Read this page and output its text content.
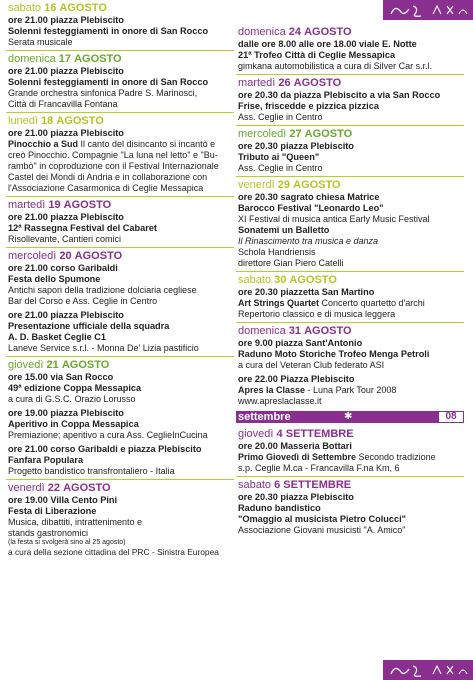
sabato 16 AGOSTO
ore 21.00 piazza Plebiscito
Solenni festeggiamenti in onore di San Rocco
Serata musicale
domenica 17 AGOSTO
ore 21.00 piazza Plebiscito
Solenni festeggiamenti in onore di San Rocco
Grande orchestra sinfonica Padre S. Marinosci,
Città di Francavilla Fontana
lunedì 18 AGOSTO
ore 21.00 piazza Plebiscito
Pinocchio a Sud Il canto del disincanto si incantò e
creò Pinocchio. Compagnie "La luna nel letto" e "Bu-
rambò" in coproduzione con il Festival Internazionale
Castel dei Mondi di Andria e in collaborazione con
l'Associazione Casarmonica di Ceglie Messapica
martedì 19 AGOSTO
ore 21.00 piazza Plebiscito
12ª Rassegna Festival del Cabaret
Risollevante, Cantieri comici
mercoledì 20 AGOSTO
ore 21.00 corso Garibaldi
Festa dello Spumone
Antichi sapori della tradizione dolciaria cegliese
Bar del Corso e Ass. Ceglie in Centro
ore 21.00 piazza Plebiscito
Presentazione ufficiale della squadra
A. D. Basket Ceglie C1
Laneve Service s.r.l. - Monna De' Lizia pastificio
giovedì 21 AGOSTO
ore 15.00 via San Rocco
49ª edizione Coppa Messapica
a cura di G.S.C. Orazio Lorusso
ore 19.00 piazza Plebiscito
Aperitivo in Coppa Messapica
Premiazione; aperitivo a cura Ass. CeglieInCucina
ore 21.00 corso Garibaldi e piazza Plebiscito
Fanfara Populara
Progetto bandistico transfrontaliero - Italia
venerdì 22 AGOSTO
ore 19.00 Villa Cento Pini
Festa di Liberazione
Musica, dibattiti, intrattenimento e
stands gastronomici
(la festa si svolgerà sino al 25 agosto)
a cura della sezione cittadina del PRC - Sinistra Europea
domenica 24 AGOSTO
dalle ore 8.00 alle ore 18.00 viale E. Notte
21ª Trofeo Città di Ceglie Messapica
gimkana automobilistica a cura di Silver Car s.r.l.
martedì 26 AGOSTO
ore 20.30 da piazza Plebiscito a via San Rocco
Frise, friscedde e pizzica pizzica
Ass. Ceglie in Centro
mercoledì 27 AGOSTO
ore 20.30 piazza Plebiscito
Tributo ai "Queen"
Ass. Ceglie in Centro
venerdì 29 AGOSTO
ore 20.30 sagrato chiesa Matrice
Barocco Festival "Leonardo Leo"
XI Festival di musica antica Early Music Festival
Sonatemi un Balletto
Il Rinascimento tra musica e danza
Schola Handriensis
direttore Gian Piero Catelli
sabato 30 AGOSTO
ore 20.30 piazzetta San Martino
Art Strings Quartet Concerto quartetto d'archi
Repertorio classico e di musica leggera
domenica 31 AGOSTO
ore 9.00 piazza Sant'Antonio
Raduno Moto Storiche Trofeo Menga Petroli
a cura del Veteran Club federato ASI
ore 22.00 Piazza Plebiscito
Apres la Classe - Luna Park Tour 2008
www.apreslaclasse.it
settembre	✱	08
giovedì 4 SETTEMBRE
ore 20.00 Masseria Bottari
Primo Giovedì di Settembre Secondo tradizione
s.p. Ceglie M.ca - Francavilla F.na Km, 6
sabato 6 SETTEMBRE
ore 20.30 piazza Plebiscito
Raduno bandistico
"Omaggio al musicista Pietro Colucci"
Associazione Giovani musicisti "A. Amico"
